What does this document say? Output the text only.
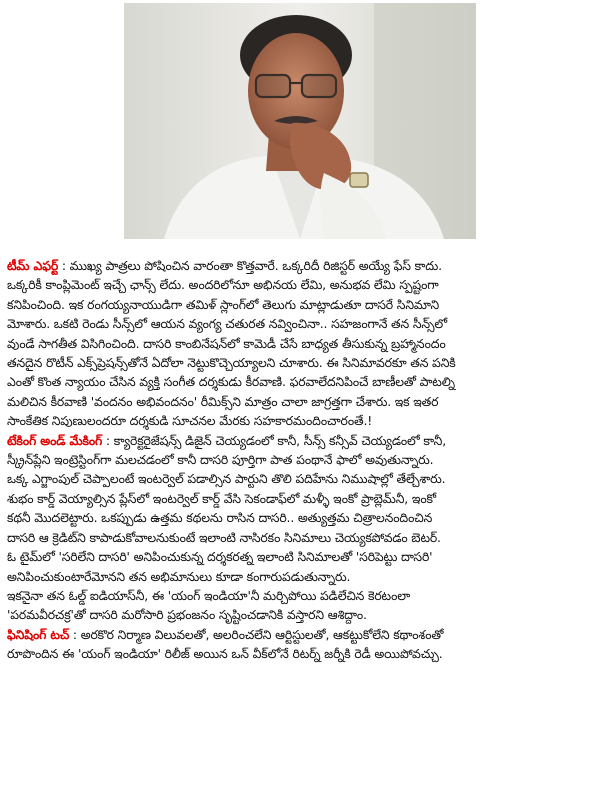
టీమ్ ఎఫర్ట్ : ముఖ్య పాత్రలు పోషించిన వారంతా కొత్తవారే. ఒక్కరిదీ రిజిస్టర్ అయ్యే ఫేస్ కాదు.
ఒక్కరికీ కాంప్లిమెంట్ ఇచ్చే ఛాన్స్ లేదు. అందరిలోనూ అభినయ లేమి, అనుభవ లేమి స్పష్టంగా
కనిపించింది. ఇక రంగయ్యనాయుడిగా తమిళ్ స్లాంగ్‌లో తెలుగు మాట్లాడుతూ దాసరే సినిమాని
మోశారు. ఒకటి రెండు సీన్స్‌లో ఆయన వ్యంగ్య చతురత నవ్వించినా.. సహజంగానే తన సీన్స్‌లో
వుండే సాగతీత విసిగించింది. దాసరి కాంబినేషన్‌లో కామెడీ చేసే బాధ్యత తీసుకున్న బ్రహ్మానందం
తనదైన రొటీన్ ఎక్స్‌ప్రెషన్స్‌తోనే ఏదోలా నెట్టుకొచ్చెయ్యాలని చూశారు. ఈ సినిమావరకూ తన పనికి
ఎంతో కొంత న్యాయం చేసిన వ్యక్తి సంగీత దర్శకుడు కీరవాణి. ఫరవాలేదనిపించే బాణీలతో పాటల్ని
మలిచిన కీరవాణి 'వందనం అభివందనం' రీమిక్స్‌ని మాత్రం చాలా జాగ్రత్తగా చేశారు. ఇక ఇతర
సాంకేతిక నిపుణులందరూ దర్శకుడి సూచనల మేరకు సహకారమందించారంతే.!
టేకింగ్ అండ్ మేకింగ్ : క్యారెక్టరైజేషన్స్ డిజైన్ చెయ్యడంలో కానీ, సీన్స్ కన్సీవ్ చెయ్యడంలో కానీ,
స్క్రీన్‌ప్లేని ఇంట్రెస్టింగ్‌గా మలచడంలో కానీ దాసరి పూర్తిగా పాత పంథానే ఫాలో అవుతున్నారు.
ఒక్క ఎగ్జాంపుల్ చెప్పాలంటే ఇంటర్వెల్ పడాల్సిన పార్టుని తొలి పదిహేను నిముషాల్లో తేల్చేశారు.
శుభం కార్డ్ వెయ్యాల్సిన ప్లేస్‌లో ఇంటర్వెల్ కార్డ్ వేసి సెకండాఫ్‌లో మళ్ళీ ఇంకో ప్రాబ్లెమ్‌నీ, ఇంకో
కథనీ మొదలెట్టారు. ఒకప్పుడు ఉత్తమ కథలను రాసిన దాసరి.. అత్యుత్తమ చిత్రాలనందించిన
దాసరి ఆ క్రెడిట్‌ని కాపాడుకోవాలనుకుంటే ఇలాంటి నాసిరకం సినిమాలు చెయ్యకపోవడం బెటర్.
ఓ టైమ్‌లో 'సరిలేని దాసరి' అనిపించుకున్న దర్శకరత్న ఇలాంటి సినిమాలతో 'సరిపెట్టు దాసరి'
అనిపించుకుంటారేమోనని తన అభిమానులు కూడా కంగారుపడుతున్నారు.
ఇకనైనా తన ఓల్డ్ ఐడియాస్‌నీ, ఈ 'యంగ్ ఇండియా'నీ మర్చిపోయి పడిలేచిన కెరటంలా
'పరమవీరచక్ర'తో దాసరి మరోసారి ప్రభంజనం సృష్టించడానికి వస్తారని ఆశిద్దాం.
ఫినిషింగ్ టచ్ : అరకొర నిర్మాణ విలువలతో, అలరించలేని ఆర్టిస్టులతో, ఆకట్టుకోలేని కథాంశంతో
రూపొందిన ఈ 'యంగ్ ఇండియా' రిలీజ్ అయిన ఒన్ వీక్‌లోనే రిటర్న్ జర్నీకి రెడీ అయిపోవచ్చు.
